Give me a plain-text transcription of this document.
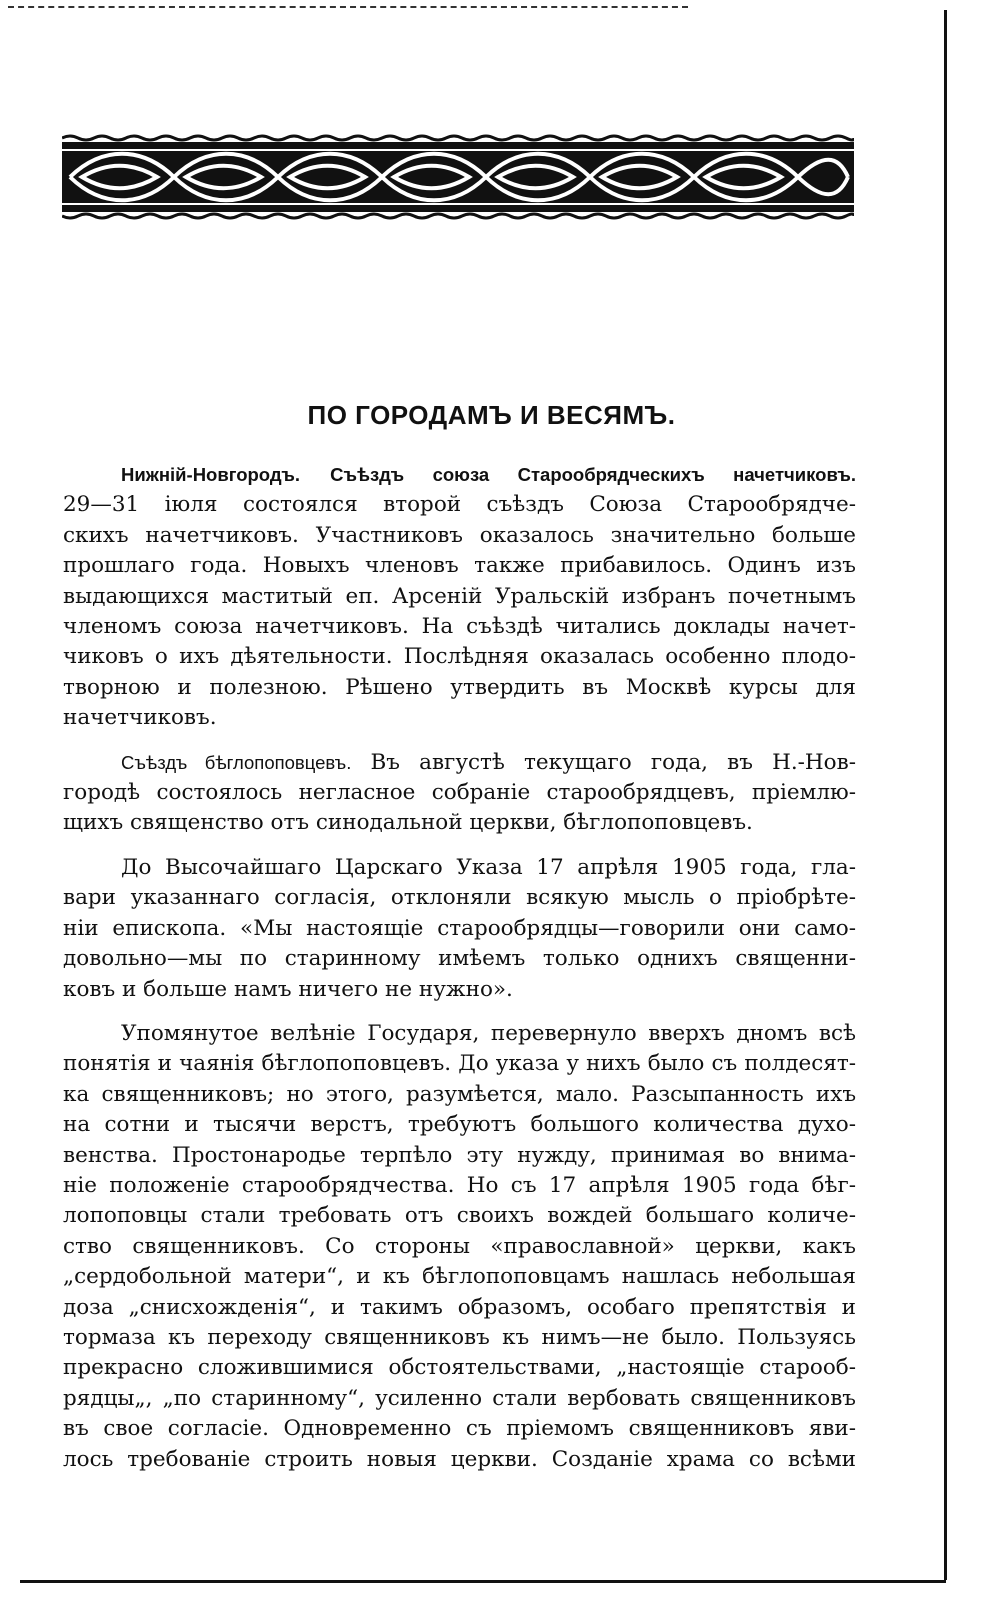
ПО ГОРОДАМЪ И ВЕСЯМЪ.

Нижній-Новгородъ. Съѣздъ союза Старообрядческихъ начетчиковъ.

29—31 іюля состоялся второй съѣздъ Союза Старообрядче-

скихъ начетчиковъ. Участниковъ оказалось значительно больше

прошлаго года. Новыхъ членовъ также прибавилось. Одинъ изъ

выдающихся маститый еп. Арсеній Уральскій избранъ почетнымъ

членомъ союза начетчиковъ. На съѣздѣ читались доклады начет-

чиковъ о ихъ дѣятельности. Послѣдняя оказалась особенно плодо-

творною и полезною. Рѣшено утвердить въ Москвѣ курсы для

начетчиковъ.

Съѣздъ бѣглопоповцевъ. Въ августѣ текущаго года, въ Н.-Нов-

городѣ состоялось негласное собраніе старообрядцевъ, пріемлю-

щихъ священство отъ синодальной церкви, бѣглопоповцевъ.

До Высочайшаго Царскаго Указа 17 апрѣля 1905 года, гла-

вари указаннаго согласія, отклоняли всякую мысль о пріобрѣте-

ніи епископа. «Мы настоящіе старообрядцы—говорили они само-

довольно—мы по старинному имѣемъ только однихъ священни-

ковъ и больше намъ ничего не нужно».

Упомянутое велѣніе Государя, перевернуло вверхъ дномъ всѣ

понятія и чаянія бѣглопоповцевъ. До указа у нихъ было съ полдесят-

ка священниковъ; но этого, разумѣется, мало. Разсыпанность ихъ

на сотни и тысячи верстъ, требуютъ большого количества духо-

венства. Простонародье терпѣло эту нужду, принимая во внима-

ніе положеніе старообрядчества. Но съ 17 апрѣля 1905 года бѣг-

лопоповцы стали требовать отъ своихъ вождей большаго количе-

ство священниковъ. Со стороны «православной» церкви, какъ

„сердобольной матери“, и къ бѣглопоповцамъ нашлась небольшая

доза „снисхожденія“, и такимъ образомъ, особаго препятствія и

тормаза къ переходу священниковъ къ нимъ—не было. Пользуясь

прекрасно сложившимися обстоятельствами, „настоящіе старооб-

рядцы„, „по старинному“, усиленно стали вербовать священниковъ

въ свое согласіе. Одновременно съ пріемомъ священниковъ яви-

лось требованіе строить новыя церкви. Созданіе храма со всѣми
